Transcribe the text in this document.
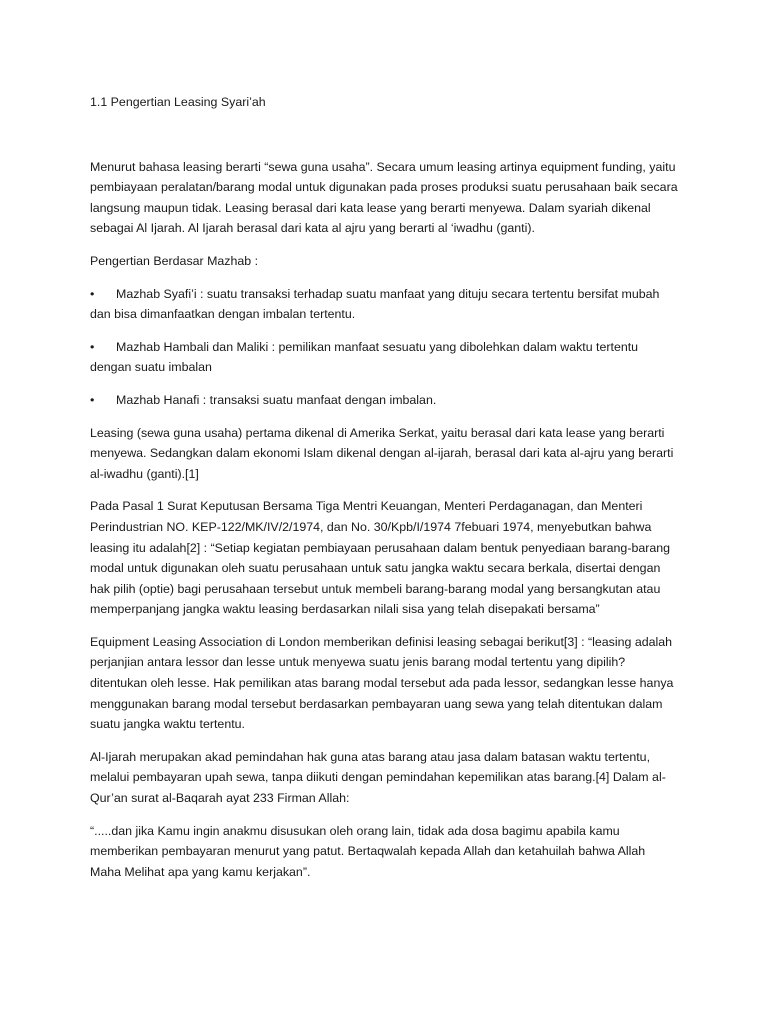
1.1 Pengertian Leasing Syari’ah

Menurut bahasa leasing berarti “sewa guna usaha”. Secara umum leasing artinya equipment funding, yaitu pembiayaan peralatan/barang modal untuk digunakan pada proses produksi suatu perusahaan baik secara langsung maupun tidak. Leasing berasal dari kata lease yang berarti menyewa. Dalam syariah dikenal sebagai Al Ijarah. Al Ijarah berasal dari kata al ajru yang berarti al ‘iwadhu (ganti).

Pengertian Berdasar Mazhab :

• Mazhab Syafi’i : suatu transaksi terhadap suatu manfaat yang dituju secara tertentu bersifat mubah dan bisa dimanfaatkan dengan imbalan tertentu.
• Mazhab Hambali dan Maliki : pemilikan manfaat sesuatu yang dibolehkan dalam waktu tertentu dengan suatu imbalan
• Mazhab Hanafi : transaksi suatu manfaat dengan imbalan.

Leasing (sewa guna usaha) pertama dikenal di Amerika Serkat, yaitu berasal dari kata lease yang berarti menyewa. Sedangkan dalam ekonomi Islam dikenal dengan al-ijarah, berasal dari kata al-ajru yang berarti al-iwadhu (ganti).[1]

Pada Pasal 1 Surat Keputusan Bersama Tiga Mentri Keuangan, Menteri Perdaganagan, dan Menteri Perindustrian NO. KEP-122/MK/IV/2/1974, dan No. 30/Kpb/I/1974 7febuari 1974, menyebutkan bahwa leasing itu adalah[2] : “Setiap kegiatan pembiayaan perusahaan dalam bentuk penyediaan barang-barang modal untuk digunakan oleh suatu perusahaan untuk satu jangka waktu secara berkala, disertai dengan hak pilih (optie) bagi perusahaan tersebut untuk membeli barang-barang modal yang bersangkutan atau memperpanjang jangka waktu leasing berdasarkan nilali sisa yang telah disepakati bersama”

Equipment Leasing Association di London memberikan definisi leasing sebagai berikut[3] : “leasing adalah perjanjian antara lessor dan lesse untuk menyewa suatu jenis barang modal tertentu yang dipilih? ditentukan oleh lesse. Hak pemilikan atas barang modal tersebut ada pada lessor, sedangkan lesse hanya menggunakan barang modal tersebut berdasarkan pembayaran uang sewa yang telah ditentukan dalam suatu jangka waktu tertentu.

Al-Ijarah merupakan akad pemindahan hak guna atas barang atau jasa dalam batasan waktu tertentu, melalui pembayaran upah sewa, tanpa diikuti dengan pemindahan kepemilikan atas barang.[4] Dalam al-Qur’an surat al-Baqarah ayat 233 Firman Allah:

“.....dan jika Kamu ingin anakmu disusukan oleh orang lain, tidak ada dosa bagimu apabila kamu memberikan pembayaran menurut yang patut. Bertaqwalah kepada Allah dan ketahuilah bahwa Allah Maha Melihat apa yang kamu kerjakan”.
